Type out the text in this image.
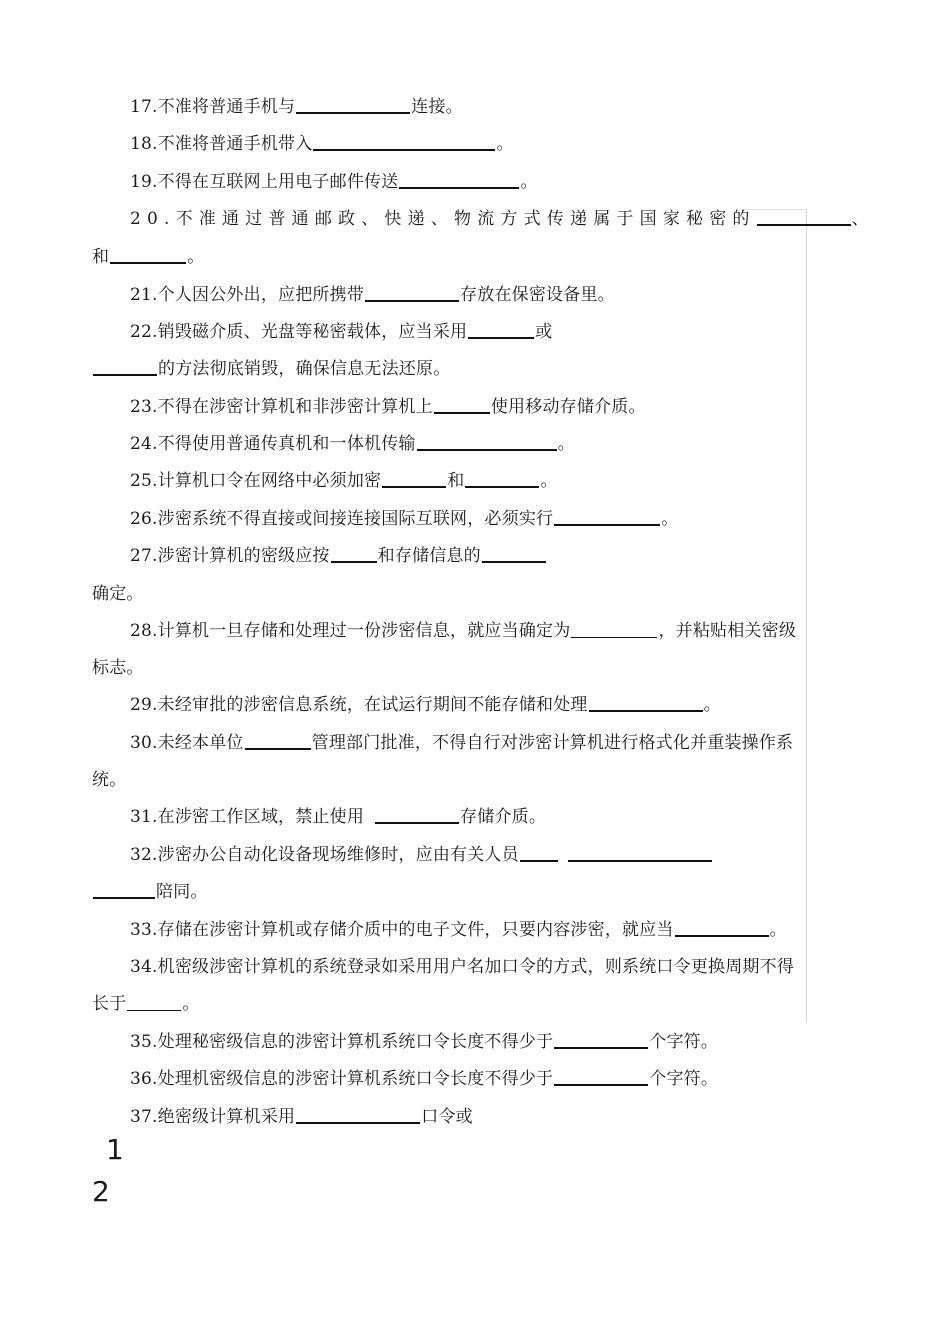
17.不准将普通手机与	连接。
18.不准将普通手机带入	。
19.不得在互联网上用电子邮件传送	。
20.不准通过普通邮政、快递、物流方式传递属于国家秘密的	、
和	。
21.个人因公外出，应把所携带	存放在保密设备里。
22.销毁磁介质、光盘等秘密载体，应当采用	或
的方法彻底销毁，确保信息无法还原。
23.不得在涉密计算机和非涉密计算机上	使用移动存储介质。
24.不得使用普通传真机和一体机传输	。
25.计算机口令在网络中必须加密	和	。
26.涉密系统不得直接或间接连接国际互联网，必须实行	。
27.涉密计算机的密级应按	和存储信息的
确定。
28.计算机一旦存储和处理过一份涉密信息，就应当确定为	，并粘贴相关密级
标志。
29.未经审批的涉密信息系统，在试运行期间不能存储和处理	。
30.未经本单位	管理部门批准，不得自行对涉密计算机进行格式化并重装操作系
统。
31.在涉密工作区域，禁止使用	存储介质。
32.涉密办公自动化设备现场维修时，应由有关人员
陪同。
33.存储在涉密计算机或存储介质中的电子文件，只要内容涉密，就应当	。
34.机密级涉密计算机的系统登录如采用用户名加口令的方式，则系统口令更换周期不得
长于	。
35.处理秘密级信息的涉密计算机系统口令长度不得少于	个字符。
36.处理机密级信息的涉密计算机系统口令长度不得少于	个字符。
37.绝密级计算机采用	口令或
1
2
